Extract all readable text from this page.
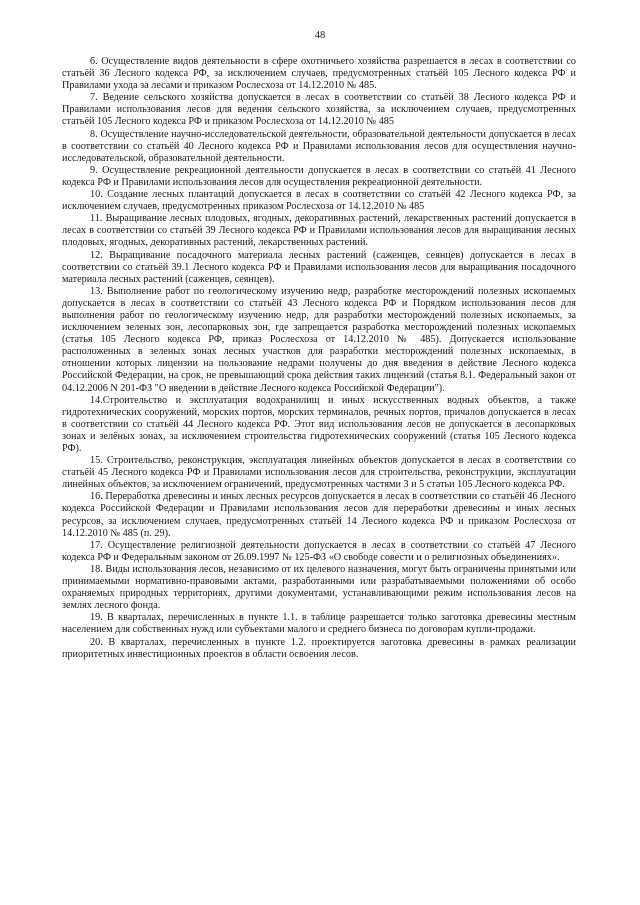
48

6. Осуществление видов деятельности в сфере охотничьего хозяйства разрешается в лесах в соответствии со статьёй 36 Лесного кодекса РФ, за исключением случаев, предусмотренных статьёй 105 Лесного кодекса РФ и Правилами ухода за лесами и приказом Рослесхоза от 14.12.2010 № 485.

7. Ведение сельского хозяйства допускается в лесах в соответствии со статьёй 38 Лесного кодекса РФ и Правилами использования лесов для ведения сельского хозяйства, за исключением случаев, предусмотренных статьёй 105 Лесного кодекса РФ и приказом Рослесхоза от 14.12.2010 № 485

8. Осуществление научно-исследовательской деятельности, образовательной деятельности допускается в лесах в соответствии со статьёй 40 Лесного кодекса РФ и Правилами использования лесов для осуществления научно-исследовательской, образовательной деятельности.

9. Осуществление рекреационной деятельности допускается в лесах в соответствии со статьёй 41 Лесного кодекса РФ и Правилами использования лесов для осуществления рекреационной деятельности.

10. Создание лесных плантаций допускается в лесах в соответствии со статьёй 42 Лесного кодекса РФ, за исключением случаев, предусмотренных приказом Рослесхоза от 14.12.2010 № 485

11. Выращивание лесных плодовых, ягодных, декоративных растений, лекарственных растений допускается в лесах в соответствии со статьёй 39 Лесного кодекса РФ и Правилами использования лесов для выращивания лесных плодовых, ягодных, декоративных растений, лекарственных растений.

12. Выращивание посадочного материала лесных растений (саженцев, сеянцев) допускается в лесах в соответствии со статьёй 39.1 Лесного кодекса РФ и Правилами использования лесов для выращивания посадочного материала лесных растений (саженцев, сеянцев).

13. Выполнение работ по геологическому изучению недр, разработке месторождений полезных ископаемых допускается в лесах в соответствии со статьёй 43 Лесного кодекса РФ и Порядком использования лесов для выполнения работ по геологическому изучению недр, для разработки месторождений полезных ископаемых, за исключением зеленых зон, лесопарковых зон, где запрещается разработка месторождений полезных ископаемых (статья 105 Лесного кодекса РФ, приказ Рослесхоза от 14.12.2010 № 485). Допускается использование расположенных в зеленых зонах лесных участков для разработки месторождений полезных ископаемых, в отношении которых лицензии на пользование недрами получены до дня введения в действие Лесного кодекса Российской Федерации, на срок, не превышающий срока действия таких лицензий (статья 8.1. Федеральный закон от 04.12.2006 N 201-ФЗ "О введении в действие Лесного кодекса Российской Федерации").

14.Строительство и эксплуатация водохранилищ и иных искусственных водных объектов, а также гидротехнических сооружений, морских портов, морских терминалов, речных портов, причалов допускается в лесах в соответствии со статьёй 44 Лесного кодекса РФ. Этот вид использования лесов не допускается в лесопарковых зонах и зелёных зонах, за исключением строительства гидротехнических сооружений (статья 105 Лесного кодекса РФ).

15. Строительство, реконструкция, эксплуатация линейных объектов допускается в лесах в соответствии со статьёй 45 Лесного кодекса РФ и Правилами использования лесов для строительства, реконструкции, эксплуатации линейных объектов, за исключением ограничений, предусмотренных частями 3 и 5 статьи 105 Лесного кодекса РФ.

16. Переработка древесины и иных лесных ресурсов допускается в лесах в соответствии со статьёй 46 Лесного кодекса Российской Федерации и Правилами использования лесов для переработки древесины и иных лесных ресурсов, за исключением случаев, предусмотренных статьёй 14 Лесного кодекса РФ и приказом Рослесхоза от 14.12.2010 № 485 (п. 29).

17. Осуществление религиозной деятельности допускается в лесах в соответствии со статьёй 47 Лесного кодекса РФ и Федеральным законом от 26.09.1997 № 125-ФЗ «О свободе совести и о религиозных объединениях».

18. Виды использования лесов, независимо от их целевого назначения, могут быть ограничены принятыми или принимаемыми нормативно-правовыми актами, разработанными или разрабатываемыми положениями об особо охраняемых природных территориях, другими документами, устанавливающими режим использования лесов на землях лесного фонда.

19. В кварталах, перечисленных в пункте 1.1. в таблице разрешается только заготовка древесины местным населением для собственных нужд или субъектами малого и среднего бизнеса по договорам купли-продажи.

20. В кварталах, перечисленных в пункте 1.2. проектируется заготовка древесины в рамках реализации приоритетных инвестиционных проектов в области освоения лесов.
